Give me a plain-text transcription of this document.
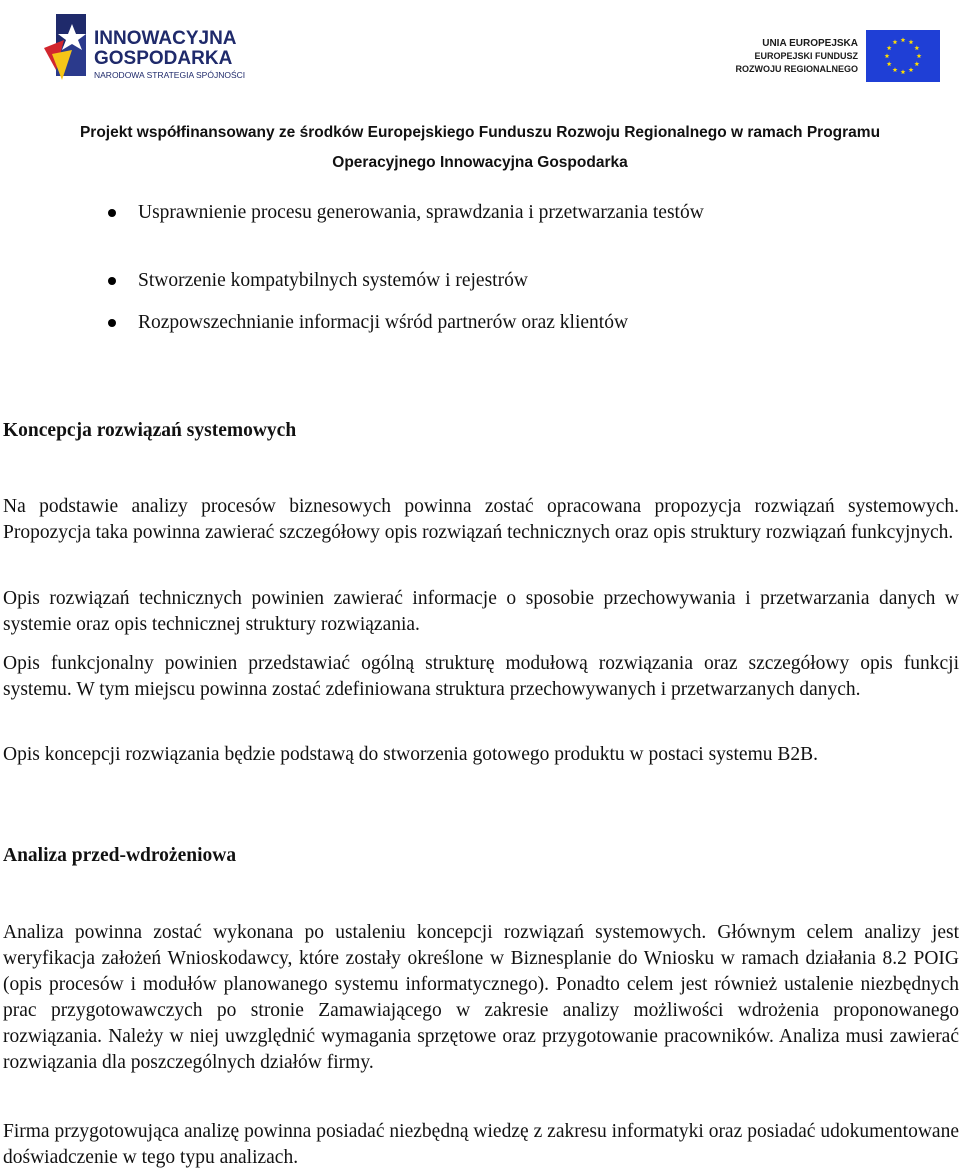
INNOWACYJNA
GOSPODARKA
NARODOWA STRATEGIA SPÓJNOŚCI
UNIA EUROPEJSKA
EUROPEJSKI FUNDUSZ
ROZWOJU REGIONALNEGO
Projekt współfinansowany ze środków Europejskiego Funduszu Rozwoju Regionalnego w ramach Programu
Operacyjnego Innowacyjna Gospodarka
Usprawnienie procesu generowania, sprawdzania i przetwarzania testów
Stworzenie kompatybilnych systemów i rejestrów
Rozpowszechnianie informacji wśród partnerów oraz klientów
Koncepcja rozwiązań systemowych

Na podstawie analizy procesów biznesowych powinna zostać opracowana propozycja rozwiązań systemowych. Propozycja taka powinna zawierać szczegółowy opis rozwiązań technicznych oraz opis struktury rozwiązań funkcyjnych.

Opis rozwiązań technicznych powinien zawierać informacje o sposobie przechowywania i przetwarzania danych w systemie oraz opis technicznej struktury rozwiązania.

Opis funkcjonalny powinien przedstawiać ogólną strukturę modułową rozwiązania oraz szczegółowy opis funkcji systemu. W tym miejscu powinna zostać zdefiniowana struktura przechowywanych i przetwarzanych danych.

Opis koncepcji rozwiązania będzie podstawą do stworzenia gotowego produktu w postaci systemu B2B.

Analiza przed-wdrożeniowa

Analiza powinna zostać wykonana po ustaleniu koncepcji rozwiązań systemowych. Głównym celem analizy jest weryfikacja założeń Wnioskodawcy, które zostały określone w Biznesplanie do Wniosku w ramach działania 8.2 POIG (opis procesów i modułów planowanego systemu informatycznego). Ponadto celem jest również ustalenie niezbędnych prac przygotowawczych po stronie Zamawiającego w zakresie analizy możliwości wdrożenia proponowanego rozwiązania. Należy w niej uwzględnić wymagania sprzętowe oraz przygotowanie pracowników. Analiza musi zawierać rozwiązania dla poszczególnych działów firmy.

Firma przygotowująca analizę powinna posiadać niezbędną wiedzę z zakresu informatyki oraz posiadać udokumentowane doświadczenie w tego typu analizach.
